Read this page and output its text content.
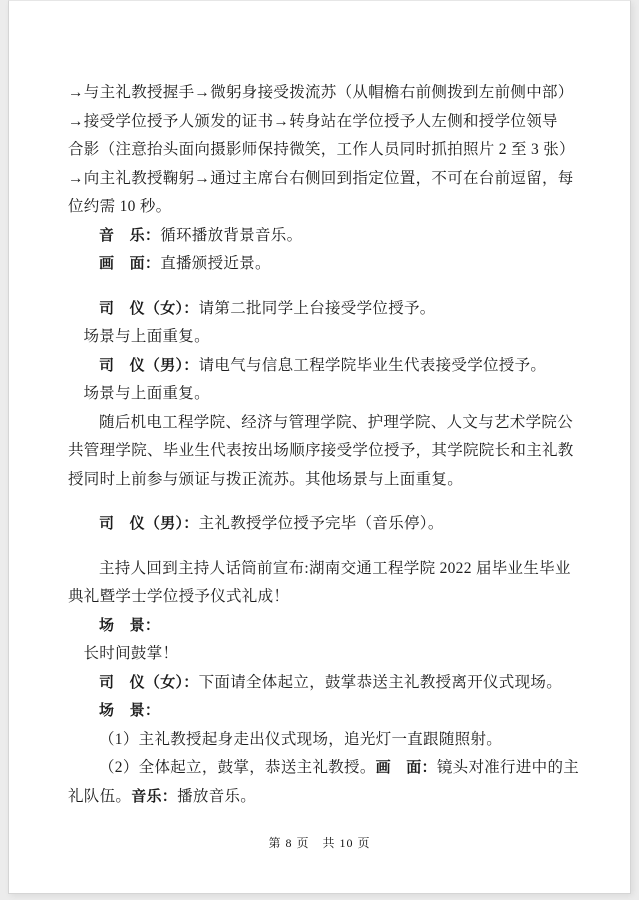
→与主礼教授握手→微躬身接受拨流苏（从帽檐右前侧拨到左前侧中部）
→接受学位授予人颁发的证书→转身站在学位授予人左侧和授学位领导
合影（注意抬头面向摄影师保持微笑，工作人员同时抓拍照片 2 至 3 张）
→向主礼教授鞠躬→通过主席台右侧回到指定位置，不可在台前逗留，每
位约需 10 秒。
音　乐：循环播放背景音乐。
画　面：直播颁授近景。
司　仪（女）：请第二批同学上台接受学位授予。
场景与上面重复。
司　仪（男）：请电气与信息工程学院毕业生代表接受学位授予。
场景与上面重复。
随后机电工程学院、经济与管理学院、护理学院、人文与艺术学院公
共管理学院、毕业生代表按出场顺序接受学位授予，其学院院长和主礼教
授同时上前参与颁证与拨正流苏。其他场景与上面重复。
司　仪（男）：主礼教授学位授予完毕（音乐停）。
主持人回到主持人话筒前宣布:湖南交通工程学院 2022 届毕业生毕业
典礼暨学士学位授予仪式礼成！
场　景：
长时间鼓掌！
司　仪（女）：下面请全体起立，鼓掌恭送主礼教授离开仪式现场。
场　景：
（1）主礼教授起身走出仪式现场，追光灯一直跟随照射。
（2）全体起立，鼓掌，恭送主礼教授。画　面：镜头对准行进中的主
礼队伍。音乐：播放音乐。
第 8 页　共 10 页
